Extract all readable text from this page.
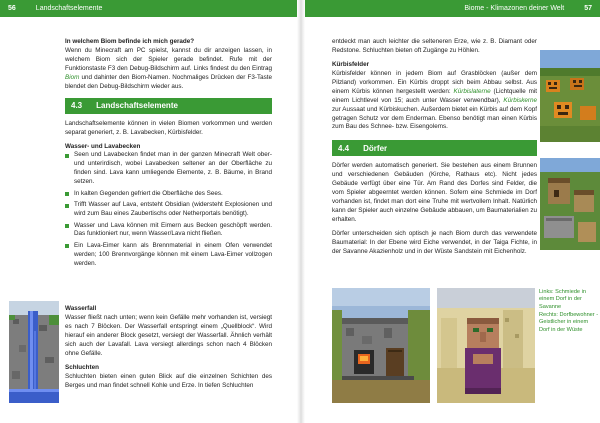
56	Landschaftselemente
In welchem Biom befinde ich mich gerade?
Wenn du Minecraft am PC spielst, kannst du dir anzeigen lassen, in welchem Biom sich der Spieler gerade befindet. Rufe mit der Funktionstaste F3 den Debug-Bildschirm auf. Links findest du den Eintrag Biom und dahinter den Biom-Namen. Nochmaliges Drücken der F3-Taste blendet den Debug-Bildschirm wieder aus.
4.3 Landschaftselemente
Landschaftselemente können in vielen Biomen vorkommen und werden separat generiert, z. B. Lavabecken, Kürbisfelder.
Wasser- und Lavabecken
Seen und Lavabecken findet man in der ganzen Minecraft Welt ober- und unterirdisch, wobei Lavabecken seltener an der Oberfläche zu finden sind. Lava kann umliegende Elemente, z. B. Bäume, in Brand setzen.
In kalten Gegenden gefriert die Oberfläche des Sees.
Trifft Wasser auf Lava, entsteht Obsidian (widersteht Explosionen und wird zum Bau eines Zaubertischs oder Netherportals benötigt).
Wasser und Lava können mit Eimern aus Becken geschöpft werden. Das funktioniert nur, wenn Wasser/Lava nicht fließen.
Ein Lava-Eimer kann als Brennmaterial in einem Ofen verwendet werden; 100 Brennvorgänge können mit einem Lava-Eimer vollzogen werden.
Wasserfall
Wasser fließt nach unten; wenn kein Gefälle mehr vorhanden ist, versiegt es nach 7 Blöcken. Der Wasserfall entspringt einem „Quellblock“. Wird hierauf ein anderer Block gesetzt, versiegt der Wasserfall. Ähnlich verhält sich auch der Lavafall. Lava versiegt allerdings schon nach 4 Blöcken ohne Gefälle.
Schluchten
Schluchten bieten einen guten Blick auf die einzelnen Schichten des Berges und man findet schnell Kohle und Erze. In tiefen Schluchten
Biome - Klimazonen deiner Welt	57
entdeckt man auch leichter die selteneren Erze, wie z. B. Diamant oder Redstone. Schluchten bieten oft Zugänge zu Höhlen.
Kürbisfelder
Kürbisfelder können in jedem Biom auf Grasblöcken (außer dem Pilzland) vorkommen. Ein Kürbis droppt sich beim Abbau selbst. Aus einem Kürbis können hergestellt werden: Kürbislaterne (Lichtquelle mit einem Lichtlevel von 15; auch unter Wasser verwendbar), Kürbiskerne zur Aussaat und Kürbiskuchen. Außerdem bietet ein Kürbis auf dem Kopf getragen Schutz vor dem Enderman. Ebenso benötigt man einen Kürbis zum Bau des Schnee- bzw. Eisengolems.
4.4 Dörfer
Dörfer werden automatisch generiert. Sie bestehen aus einem Brunnen und verschiedenen Gebäuden (Kirche, Rathaus etc). Nicht jedes Gebäude verfügt über eine Tür. Am Rand des Dorfes sind Felder, die vom Spieler abgeerntet werden können. Sofern eine Schmiede im Dorf vorhanden ist, findet man dort eine Truhe mit wertvollem Inhalt. Natürlich kann der Spieler auch einzelne Gebäude abbauen, um Baumaterialien zu erhalten.
Dörfer unterscheiden sich optisch je nach Biom durch das verwendete Baumaterial: In der Ebene wird Eiche verwendet, in der Taiga Fichte, in der Savanne Akazienholz und in der Wüste Sandstein mit Eichenholz.
Links: Schmiede in einem Dorf in der Savanne
Rechts: Dorfbewohner - Geistlicher in einem Dorf in der Wüste
